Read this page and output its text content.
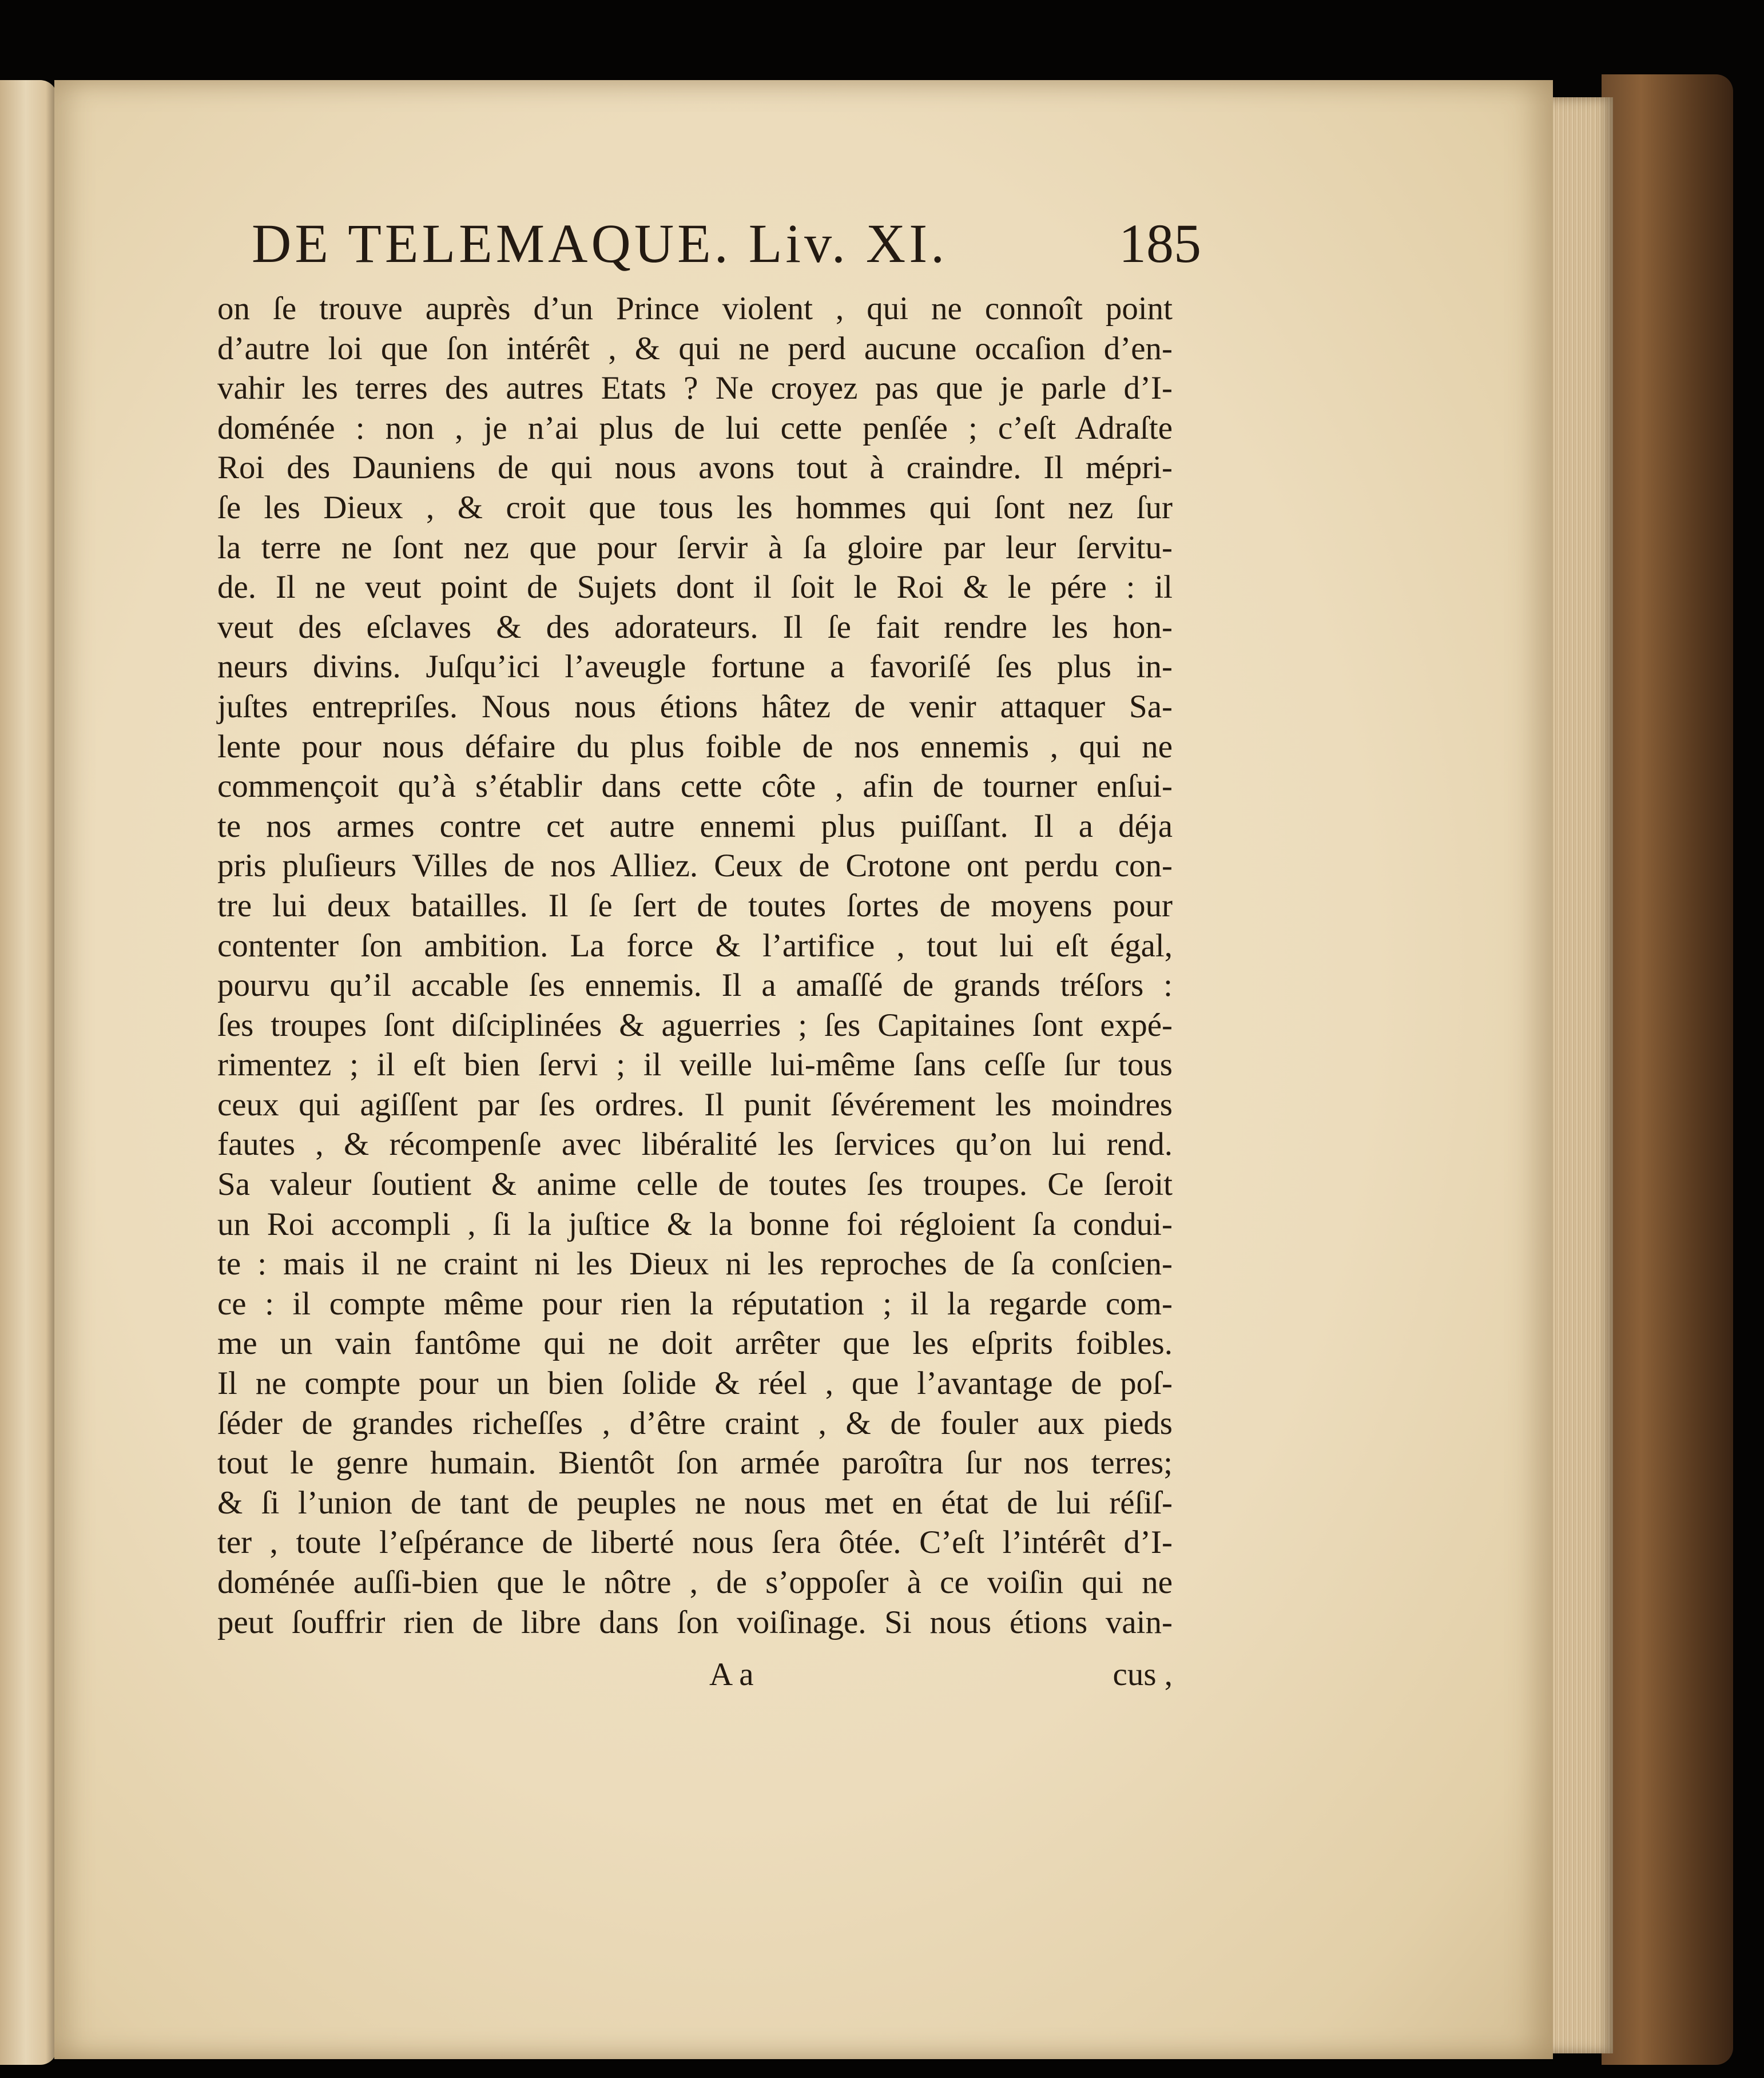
DE TELEMAQUE. Liv. XI.	185
on ſe trouve auprès d’un Prince violent , qui ne connoît point
d’autre loi que ſon intérêt , & qui ne perd aucune occaſion d’en-
vahir les terres des autres Etats ? Ne croyez pas que je parle d’I-
doménée : non , je n’ai plus de lui cette penſée ; c’eſt Adraſte
Roi des Dauniens de qui nous avons tout à craindre. Il mépri-
ſe les Dieux , & croit que tous les hommes qui ſont nez ſur
la terre ne ſont nez que pour ſervir à ſa gloire par leur ſervitu-
de. Il ne veut point de Sujets dont il ſoit le Roi & le pére : il
veut des eſclaves & des adorateurs. Il ſe fait rendre les hon-
neurs divins. Juſqu’ici l’aveugle fortune a favoriſé ſes plus in-
juſtes entrepriſes. Nous nous étions hâtez de venir attaquer Sa-
lente pour nous défaire du plus foible de nos ennemis , qui ne
commençoit qu’à s’établir dans cette côte , afin de tourner enſui-
te nos armes contre cet autre ennemi plus puiſſant. Il a déja
pris pluſieurs Villes de nos Alliez. Ceux de Crotone ont perdu con-
tre lui deux batailles. Il ſe ſert de toutes ſortes de moyens pour
contenter ſon ambition. La force & l’artifice , tout lui eſt égal,
pourvu qu’il accable ſes ennemis. Il a amaſſé de grands tréſors :
ſes troupes ſont diſciplinées & aguerries ; ſes Capitaines ſont expé-
rimentez ; il eſt bien ſervi ; il veille lui-même ſans ceſſe ſur tous
ceux qui agiſſent par ſes ordres. Il punit ſévérement les moindres
fautes , & récompenſe avec libéralité les ſervices qu’on lui rend.
Sa valeur ſoutient & anime celle de toutes ſes troupes. Ce ſeroit
un Roi accompli , ſi la juſtice & la bonne foi régloient ſa condui-
te : mais il ne craint ni les Dieux ni les reproches de ſa conſcien-
ce : il compte même pour rien la réputation ; il la regarde com-
me un vain fantôme qui ne doit arrêter que les eſprits foibles.
Il ne compte pour un bien ſolide & réel , que l’avantage de poſ-
ſéder de grandes richeſſes , d’être craint , & de fouler aux pieds
tout le genre humain. Bientôt ſon armée paroîtra ſur nos terres;
& ſi l’union de tant de peuples ne nous met en état de lui réſiſ-
ter , toute l’eſpérance de liberté nous ſera ôtée. C’eſt l’intérêt d’I-
doménée auſſi-bien que le nôtre , de s’oppoſer à ce voiſin qui ne
peut ſouffrir rien de libre dans ſon voiſinage. Si nous étions vain-
A a	cus ,
